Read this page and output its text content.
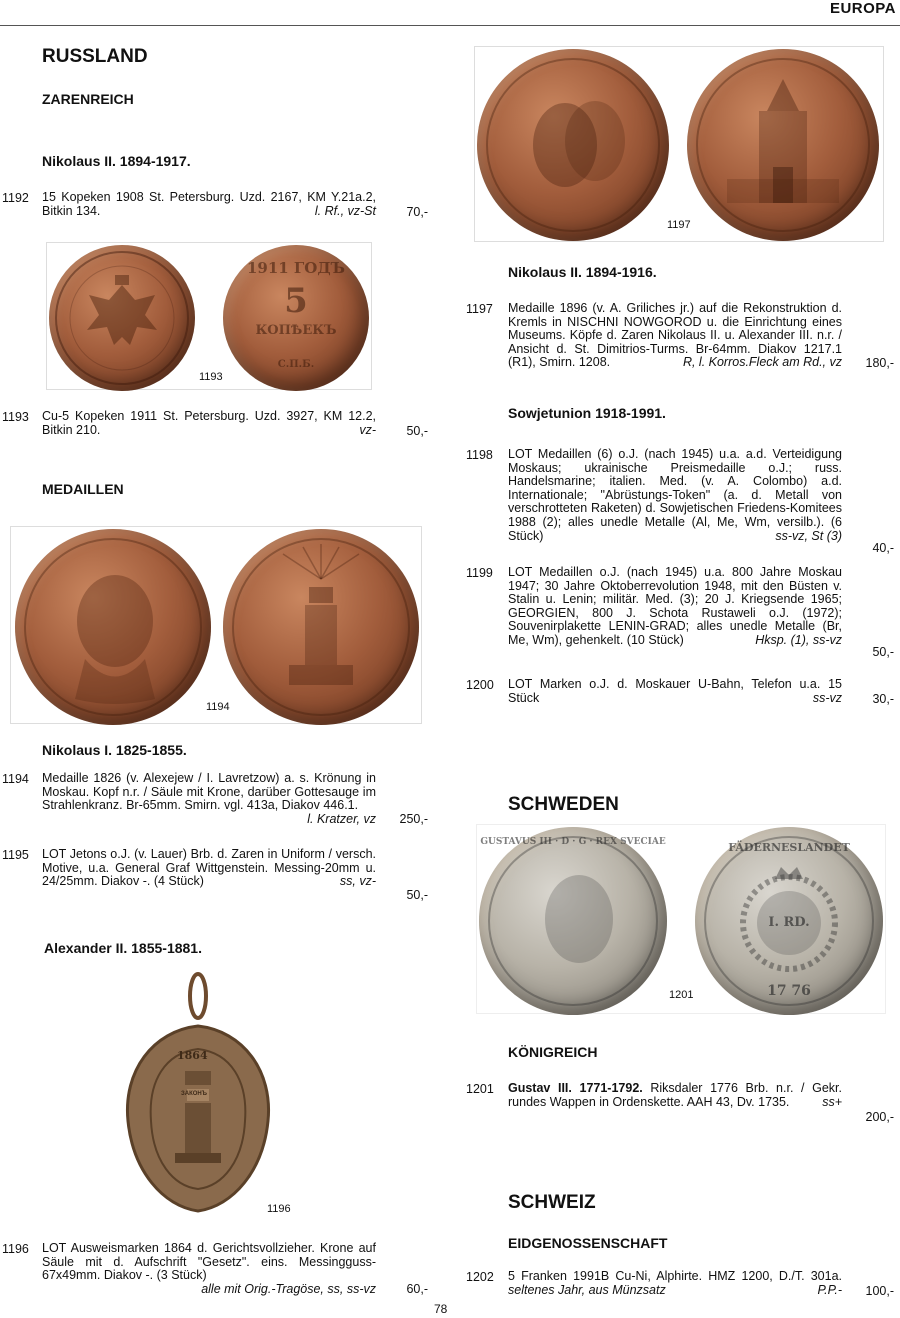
EUROPA
RUSSLAND
ZARENREICH
Nikolaus II. 1894-1917.
1192 15 Kopeken 1908 St. Petersburg. Uzd. 2167, KM Y.21a.2, Bitkin 134.	l. Rf., vz-St	70,-
1911 ГОДЪ
5
КОПѢЕКЪ
С.П.Б.
1193
1193 Cu-5 Kopeken 1911 St. Petersburg. Uzd. 3927, KM 12.2, Bitkin 210.	vz-	50,-
MEDAILLEN
1194
Nikolaus I. 1825-1855.
1194 Medaille 1826 (v. Alexejew / I. Lavretzow) a. s. Krönung in Moskau. Kopf n.r. / Säule mit Krone, darüber Gottesauge im Strahlenkranz. Br-65mm. Smirn. vgl. 413a, Diakov 446.1.
l. Kratzer, vz	250,-
1195 LOT Jetons o.J. (v. Lauer) Brb. d. Zaren in Uniform / versch. Motive, u.a. General Graf Wittgenstein. Messing-20mm u. 24/25mm. Diakov -. (4 Stück)	ss, vz-
50,-
Alexander II. 1855-1881.
1864
ЗАКОНЪ
1196
1196 LOT Ausweismarken 1864 d. Gerichtsvollzieher. Krone auf Säule mit d. Aufschrift "Gesetz". eins. Messingguss-67x49mm. Diakov -. (3 Stück)
alle mit Orig.-Tragöse, ss, ss-vz	60,-
1197
Nikolaus II. 1894-1916.
1197 Medaille 1896 (v. A. Griliches jr.) auf die Rekonstruktion d. Kremls in NISCHNI NOWGOROD u. die Einrichtung eines Museums. Köpfe d. Zaren Nikolaus II. u. Alexander III. n.r. / Ansicht d. St. Dimitrios-Turms. Br-64mm. Diakov 1217.1 (R1), Smirn. 1208.	R, l. Korros.Fleck am Rd., vz	180,-
Sowjetunion 1918-1991.
1198 LOT Medaillen (6) o.J. (nach 1945) u.a. a.d. Verteidigung Moskaus; ukrainische Preismedaille o.J.; russ. Handelsmarine; italien. Med. (v. A. Colombo) a.d. Internationale; "Abrüstungs-Token" (a. d. Metall von verschrotteten Raketen) d. Sowjetischen Friedens-Komitees 1988 (2); alles unedle Metalle (Al, Me, Wm, versilb.). (6 Stück)	ss-vz, St (3)
40,-
1199 LOT Medaillen o.J. (nach 1945) u.a. 800 Jahre Moskau 1947; 30 Jahre Oktoberrevolution 1948, mit den Büsten v. Stalin u. Lenin; militär. Med. (3); 20 J. Kriegsende 1965; GEORGIEN, 800 J. Schota Rustaweli o.J. (1972); Souvenirplakette LENIN-GRAD; alles unedle Metalle (Br, Me, Wm), gehenkelt. (10 Stück)	Hksp. (1), ss-vz
50,-
1200 LOT Marken o.J. d. Moskauer U-Bahn, Telefon u.a. 15 Stück	ss-vz	30,-
SCHWEDEN
GUSTAVUS III · D · G · REX SVECIAE	FÄDERNESLANDET
I. RD.
17 76
1201
KÖNIGREICH
1201 Gustav III. 1771-1792. Riksdaler 1776 Brb. n.r. / Gekr. rundes Wappen in Ordenskette. AAH 43, Dv. 1735.	ss+
200,-
SCHWEIZ
EIDGENOSSENSCHAFT
1202 5 Franken 1991B Cu-Ni, Alphirte. HMZ 1200, D./T. 301a. seltenes Jahr, aus Münzsatz	P.P.-	100,-
78
